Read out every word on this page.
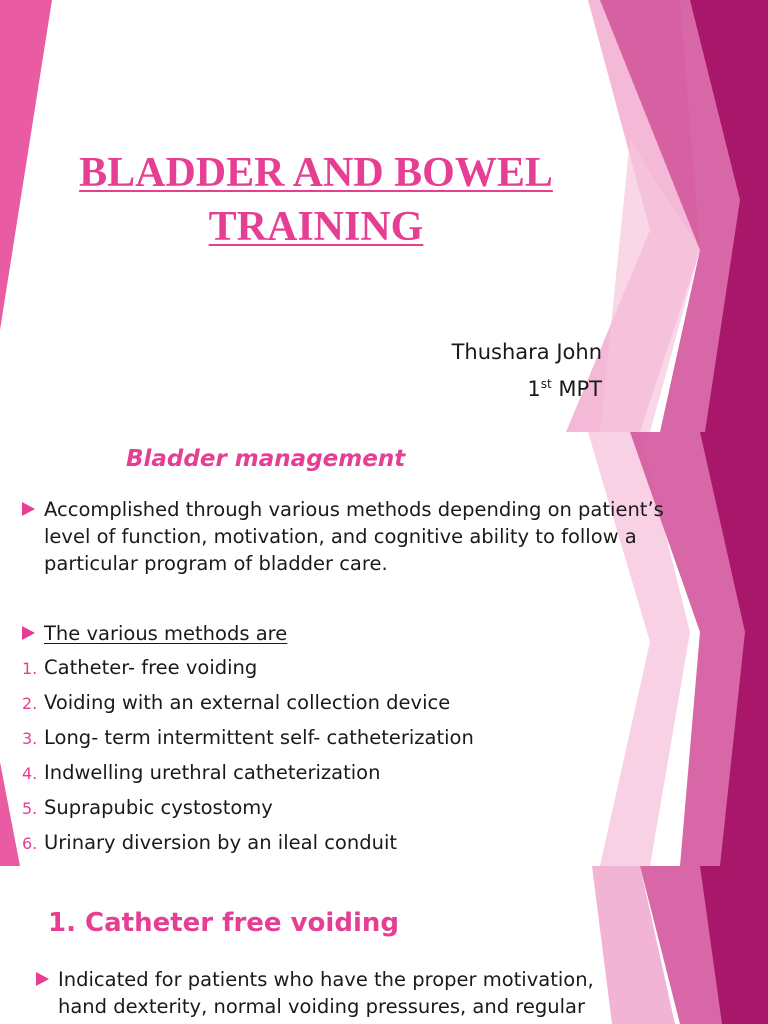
BLADDER AND BOWEL
TRAINING
Thushara John
1st MPT
Bladder management
Accomplished through various methods depending on patient’s level of function, motivation, and cognitive ability to follow a particular program of bladder care.
The various methods are
1. Catheter- free voiding
2. Voiding with an external collection device
3. Long- term intermittent self- catheterization
4. Indwelling urethral catheterization
5. Suprapubic cystostomy
6. Urinary diversion by an ileal conduit
1. Catheter free voiding
Indicated for patients who have the proper motivation, hand dexterity, normal voiding pressures, and regular
